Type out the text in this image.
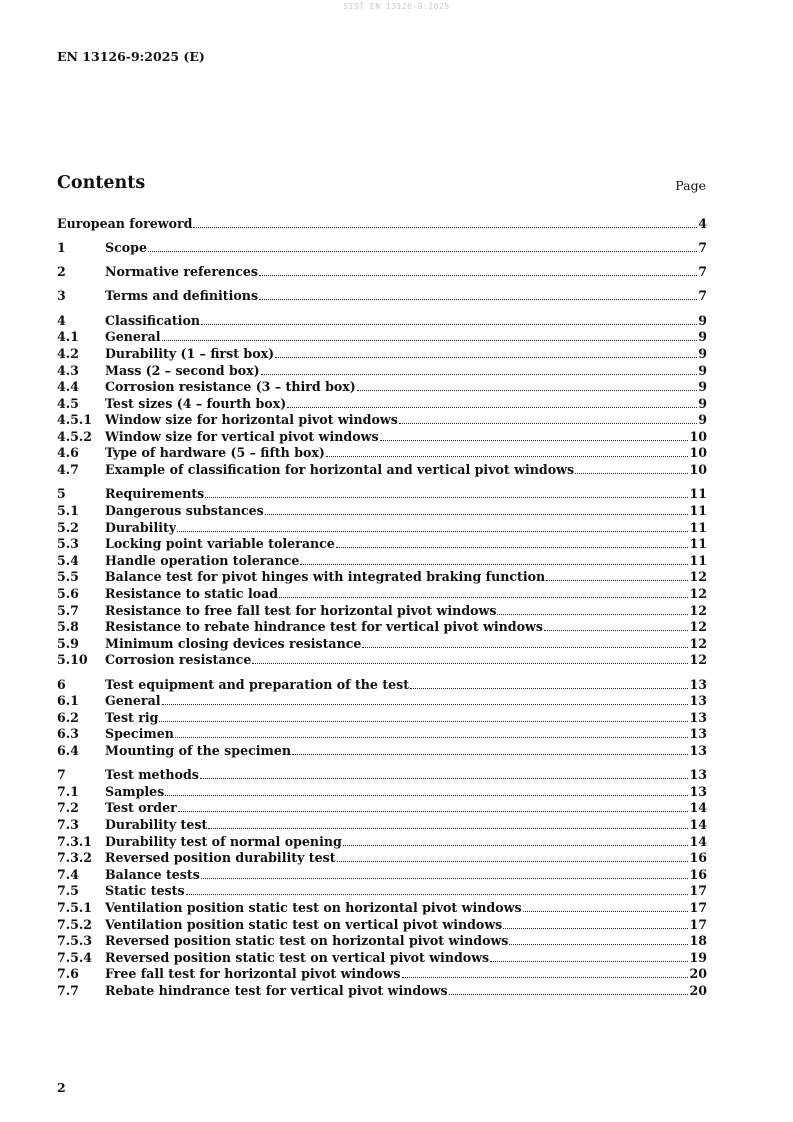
SIST EN 13126-9:2025
EN 13126-9:2025 (E)
Contents	Page
European foreword	4
1	Scope	7
2	Normative references	7
3	Terms and definitions	7
4	Classification	9
4.1	General	9
4.2	Durability (1 – first box)	9
4.3	Mass (2 – second box)	9
4.4	Corrosion resistance (3 – third box)	9
4.5	Test sizes (4 – fourth box)	9
4.5.1	Window size for horizontal pivot windows	9
4.5.2	Window size for vertical pivot windows	10
4.6	Type of hardware (5 – fifth box)	10
4.7	Example of classification for horizontal and vertical pivot windows	10
5	Requirements	11
5.1	Dangerous substances	11
5.2	Durability	11
5.3	Locking point variable tolerance	11
5.4	Handle operation tolerance	11
5.5	Balance test for pivot hinges with integrated braking function	12
5.6	Resistance to static load	12
5.7	Resistance to free fall test for horizontal pivot windows	12
5.8	Resistance to rebate hindrance test for vertical pivot windows	12
5.9	Minimum closing devices resistance	12
5.10	Corrosion resistance	12
6	Test equipment and preparation of the test	13
6.1	General	13
6.2	Test rig	13
6.3	Specimen	13
6.4	Mounting of the specimen	13
7	Test methods	13
7.1	Samples	13
7.2	Test order	14
7.3	Durability test	14
7.3.1	Durability test of normal opening	14
7.3.2	Reversed position durability test	16
7.4	Balance tests	16
7.5	Static tests	17
7.5.1	Ventilation position static test on horizontal pivot windows	17
7.5.2	Ventilation position static test on vertical pivot windows	17
7.5.3	Reversed position static test on horizontal pivot windows	18
7.5.4	Reversed position static test on vertical pivot windows	19
7.6	Free fall test for horizontal pivot windows	20
7.7	Rebate hindrance test for vertical pivot windows	20
2
